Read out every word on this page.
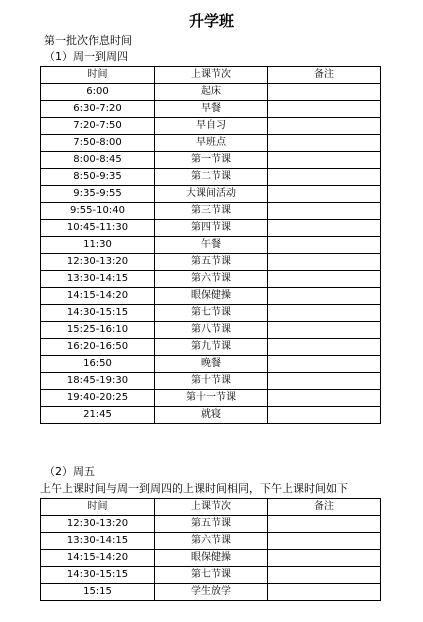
升学班
第一批次作息时间
（1）周一到周四
时间	上课节次	备注
6:00	起床	
6:30-7:20	早餐	
7:20-7:50	早自习	
7:50-8:00	早班点	
8:00-8:45	第一节课	
8:50-9:35	第二节课	
9:35-9:55	大课间活动	
9:55-10:40	第三节课	
10:45-11:30	第四节课	
11:30	午餐	
12:30-13:20	第五节课	
13:30-14:15	第六节课	
14:15-14:20	眼保健操	
14:30-15:15	第七节课	
15:25-16:10	第八节课	
16:20-16:50	第九节课	
16:50	晚餐	
18:45-19:30	第十节课	
19:40-20:25	第十一节课	
21:45	就寝	
（2）周五
上午上课时间与周一到周四的上课时间相同，下午上课时间如下
时间	上课节次	备注
12:30-13:20	第五节课	
13:30-14:15	第六节课	
14:15-14:20	眼保健操	
14:30-15:15	第七节课	
15:15	学生放学	
